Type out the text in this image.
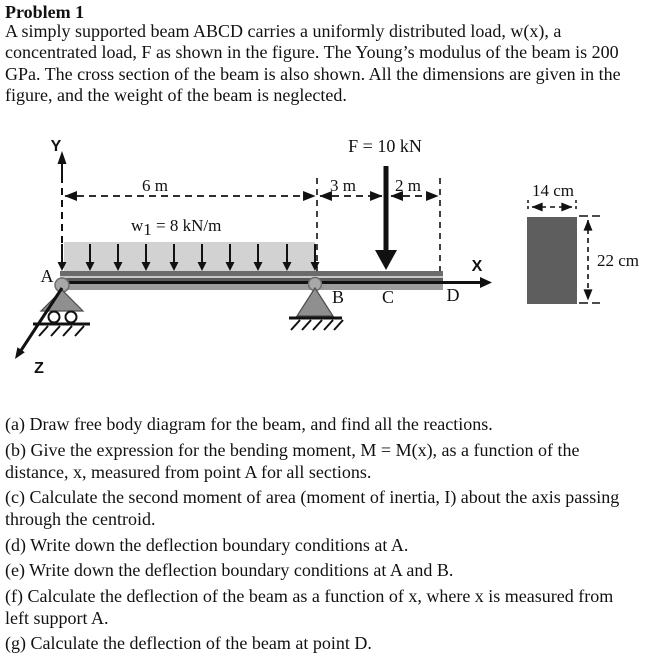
Problem 1
A simply supported beam ABCD carries a uniformly distributed load, w(x), a
concentrated load, F as shown in the figure. The Young’s modulus of the beam is 200
GPa. The cross section of the beam is also shown. All the dimensions are given in the
figure, and the weight of the beam is neglected.
Y
6 m	3 m
F = 10 kN
2 m
w1 = 8 kN/m
X
A
B C	D
Z
14 cm
22 cm
(a) Draw free body diagram for the beam, and find all the reactions.
(b) Give the expression for the bending moment, M = M(x), as a function of the
distance, x, measured from point A for all sections.
(c) Calculate the second moment of area (moment of inertia, I) about the axis passing
through the centroid.
(d) Write down the deflection boundary conditions at A.
(e) Write down the deflection boundary conditions at A and B.
(f) Calculate the deflection of the beam as a function of x, where x is measured from
left support A.
(g) Calculate the deflection of the beam at point D.
